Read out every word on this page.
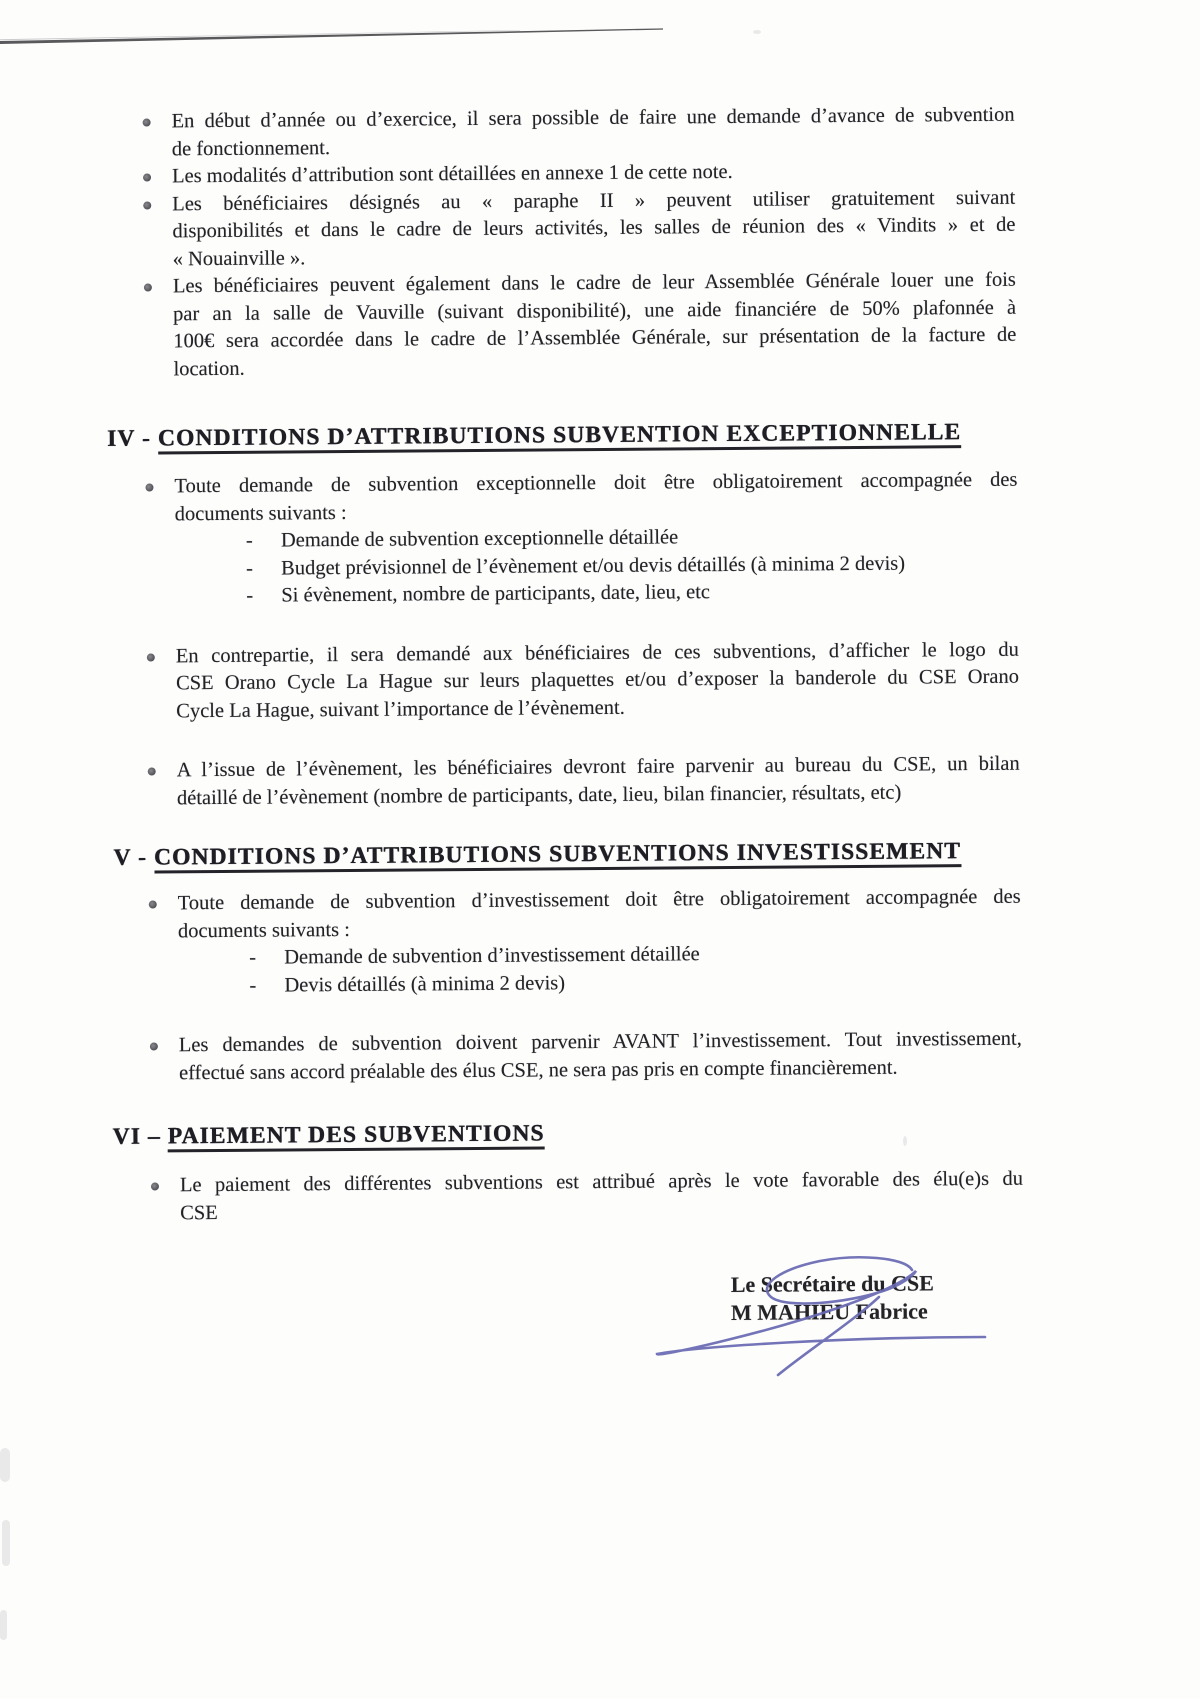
En début d’année ou d’exercice, il sera possible de faire une demande d’avance de subvention
de fonctionnement.
Les modalités d’attribution sont détaillées en annexe 1 de cette note.
Les bénéficiaires désignés au « paraphe II » peuvent utiliser gratuitement suivant
disponibilités et dans le cadre de leurs activités, les salles de réunion des « Vindits » et de
« Nouainville ».
Les bénéficiaires peuvent également dans le cadre de leur Assemblée Générale louer une fois
par an la salle de Vauville (suivant disponibilité), une aide financiére de 50% plafonnée à
100€ sera accordée dans le cadre de l’Assemblée Générale, sur présentation de la facture de
location.
IV - CONDITIONS D’ATTRIBUTIONS SUBVENTION EXCEPTIONNELLE
Toute demande de subvention exceptionnelle doit être obligatoirement accompagnée des
documents suivants :
- Demande de subvention exceptionnelle détaillée
- Budget prévisionnel de l’évènement et/ou devis détaillés (à minima 2 devis)
- Si évènement, nombre de participants, date, lieu, etc
En contrepartie, il sera demandé aux bénéficiaires de ces subventions, d’afficher le logo du
CSE Orano Cycle La Hague sur leurs plaquettes et/ou d’exposer la banderole du CSE Orano
Cycle La Hague, suivant l’importance de l’évènement.
A l’issue de l’évènement, les bénéficiaires devront faire parvenir au bureau du CSE, un bilan
détaillé de l’évènement (nombre de participants, date, lieu, bilan financier, résultats, etc)
V - CONDITIONS D’ATTRIBUTIONS SUBVENTIONS INVESTISSEMENT
Toute demande de subvention d’investissement doit être obligatoirement accompagnée des
documents suivants :
- Demande de subvention d’investissement détaillée
- Devis détaillés (à minima 2 devis)
Les demandes de subvention doivent parvenir AVANT l’investissement. Tout investissement,
effectué sans accord préalable des élus CSE, ne sera pas pris en compte financièrement.
VI – PAIEMENT DES SUBVENTIONS
Le paiement des différentes subventions est attribué après le vote favorable des élu(e)s du
CSE
Le Secrétaire du CSE
M MAHIEU Fabrice
